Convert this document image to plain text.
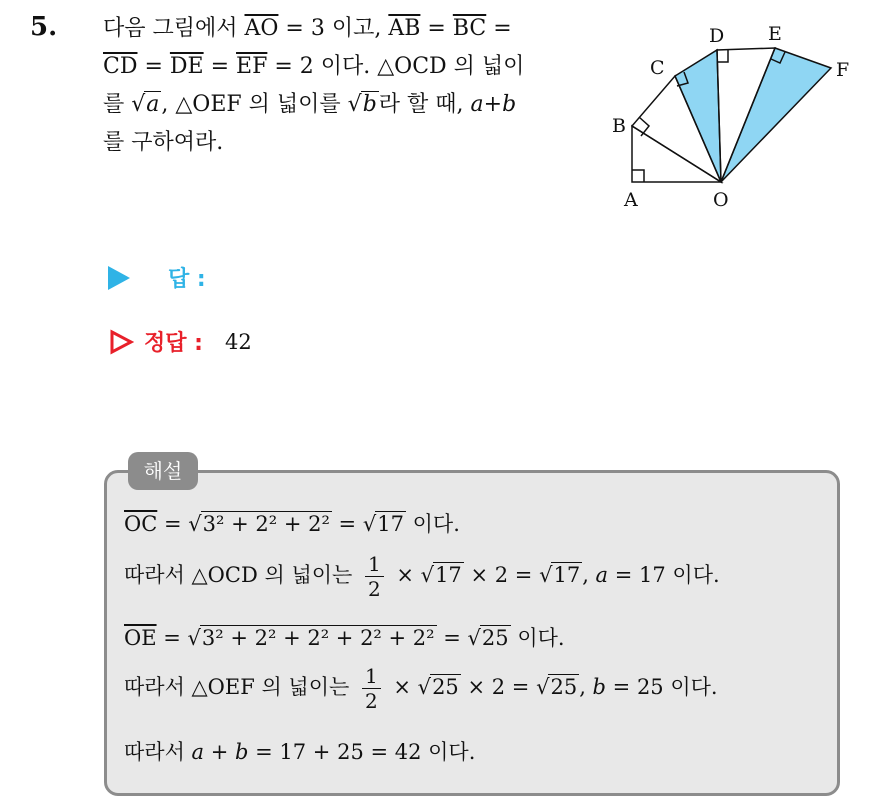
5. 다음 그림에서 $\overline{AO} = 3$ 이고, $\overline{AB} = \overline{BC}$ =
$\overline{CD} = \overline{DE} = \overline{EF} = 2$ 이다. △OCD 의 넓이
를 √a, △OEF 의 넓이를 √b라 할 때, a+b
를 구하여라.
A
B
C
D E
F
O
답 :
정답 : 42
해설
$\overline{OC} = √3^2 + 2^2 + 2^2 = √17$ 이다.
따라서 △OCD 의 넓이는 $\frac{1}{2} \times √17 \times 2 = √17$, a = 17 이다.
$\overline{OE} = √3^2 + 2^2 + 2^2 + 2^2 + 2^2 = √25$ 이다.
따라서 △OEF 의 넓이는 $\frac{1}{2} \times √25 \times 2 = √25$, b = 25 이다.
따라서 a + b = 17 + 25 = 42 이다.
